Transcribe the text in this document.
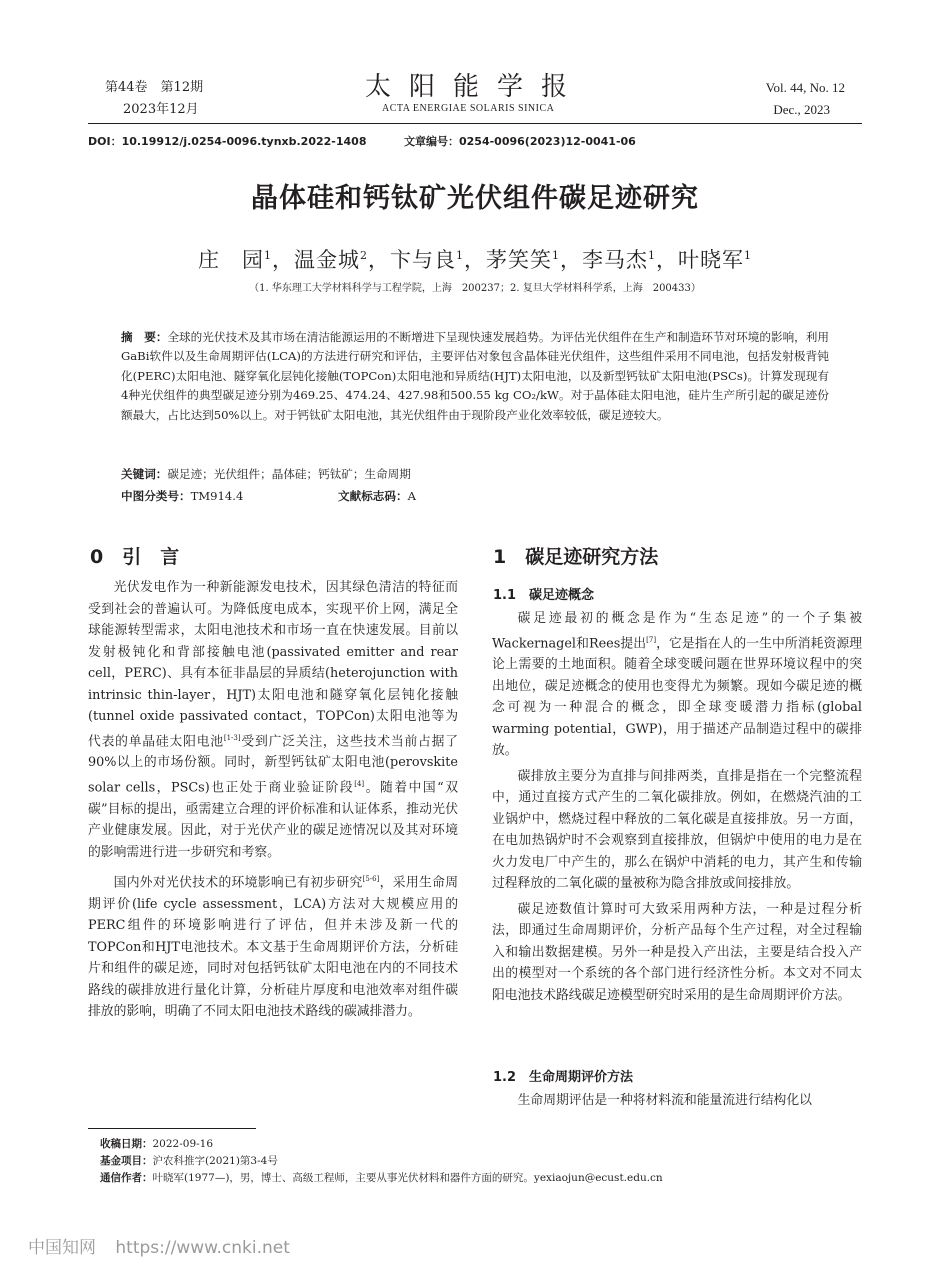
第44卷　第12期
2023年12月
太阳能学报
ACTA ENERGIAE SOLARIS SINICA
Vol. 44, No. 12
Dec., 2023
DOI：10.19912/j.0254-0096.tynxb.2022-1408	文章编号：0254-0096(2023)12-0041-06
晶体硅和钙钛矿光伏组件碳足迹研究
庄　园$^1$，温金城$^2$，卞与良$^1$，茅笑笑$^1$，李马杰$^1$，叶晓军$^1$
（1. 华东理工大学材料科学与工程学院，上海　200237；2. 复旦大学材料科学系，上海　200433）
摘　要：全球的光伏技术及其市场在清洁能源运用的不断增进下呈现快速发展趋势。为评估光伏组件在生产和制造环节对环境的影响，利用GaBi软件以及生命周期评估(LCA)的方法进行研究和评估，主要评估对象包含晶体硅光伏组件，这些组件采用不同电池，包括发射极背钝化(PERC)太阳电池、隧穿氧化层钝化接触(TOPCon)太阳电池和异质结(HJT)太阳电池，以及新型钙钛矿太阳电池(PSCs)。计算发现现有4种光伏组件的典型碳足迹分别为469.25、474.24、427.98和500.55 kg CO₂/kW。对于晶体硅太阳电池，硅片生产所引起的碳足迹份额最大，占比达到50%以上。对于钙钛矿太阳电池，其光伏组件由于现阶段产业化效率较低，碳足迹较大。
关键词：碳足迹；光伏组件；晶体硅；钙钛矿；生命周期
中图分类号：TM914.4	文献标志码：A
0　引　言

光伏发电作为一种新能源发电技术，因其绿色清洁的特征而受到社会的普遍认可。为降低度电成本，实现平价上网，满足全球能源转型需求，太阳电池技术和市场一直在快速发展。目前以发射极钝化和背部接触电池(passivated emitter and rear cell，PERC)、具有本征非晶层的异质结(heterojunction with intrinsic thin-layer，HJT)太阳电池和隧穿氧化层钝化接触(tunnel oxide passivated contact，TOPCon)太阳电池等为代表的单晶硅太阳电池[1-3]受到广泛关注，这些技术当前占据了90%以上的市场份额。同时，新型钙钛矿太阳电池(perovskite solar cells，PSCs)也正处于商业验证阶段[4]。随着中国“双碳”目标的提出，亟需建立合理的评价标准和认证体系，推动光伏产业健康发展。因此，对于光伏产业的碳足迹情况以及其对环境的影响需进行进一步研究和考察。

国内外对光伏技术的环境影响已有初步研究[5-6]，采用生命周期评价(life cycle assessment，LCA)方法对大规模应用的PERC组件的环境影响进行了评估，但并未涉及新一代的TOPCon和HJT电池技术。本文基于生命周期评价方法，分析硅片和组件的碳足迹，同时对包括钙钛矿太阳电池在内的不同技术路线的碳排放进行量化计算，分析硅片厚度和电池效率对组件碳排放的影响，明确了不同太阳电池技术路线的碳减排潜力。

1　碳足迹研究方法
1.1　碳足迹概念

碳足迹最初的概念是作为“生态足迹”的一个子集被Wackernagel和Rees提出[7]，它是指在人的一生中所消耗资源理论上需要的土地面积。随着全球变暖问题在世界环境议程中的突出地位，碳足迹概念的使用也变得尤为频繁。现如今碳足迹的概念可视为一种混合的概念，即全球变暖潜力指标(global warming potential，GWP)，用于描述产品制造过程中的碳排放。

碳排放主要分为直排与间排两类，直排是指在一个完整流程中，通过直接方式产生的二氧化碳排放。例如，在燃烧汽油的工业锅炉中，燃烧过程中释放的二氧化碳是直接排放。另一方面，在电加热锅炉时不会观察到直接排放，但锅炉中使用的电力是在火力发电厂中产生的，那么在锅炉中消耗的电力，其产生和传输过程释放的二氧化碳的量被称为隐含排放或间接排放。

碳足迹数值计算时可大致采用两种方法，一种是过程分析法，即通过生命周期评价，分析产品每个生产过程，对全过程输入和输出数据建模。另外一种是投入产出法，主要是结合投入产出的模型对一个系统的各个部门进行经济性分析。本文对不同太阳电池技术路线碳足迹模型研究时采用的是生命周期评价方法。

1.2　生命周期评价方法

生命周期评估是一种将材料流和能量流进行结构化以

收稿日期：2022-09-16
基金项目：沪农科推字(2021)第3-4号
通信作者：叶晓军(1977—)，男，博士、高级工程师，主要从事光伏材料和器件方面的研究。yexiaojun@ecust.edu.cn
中国知网 https://www.cnki.net
